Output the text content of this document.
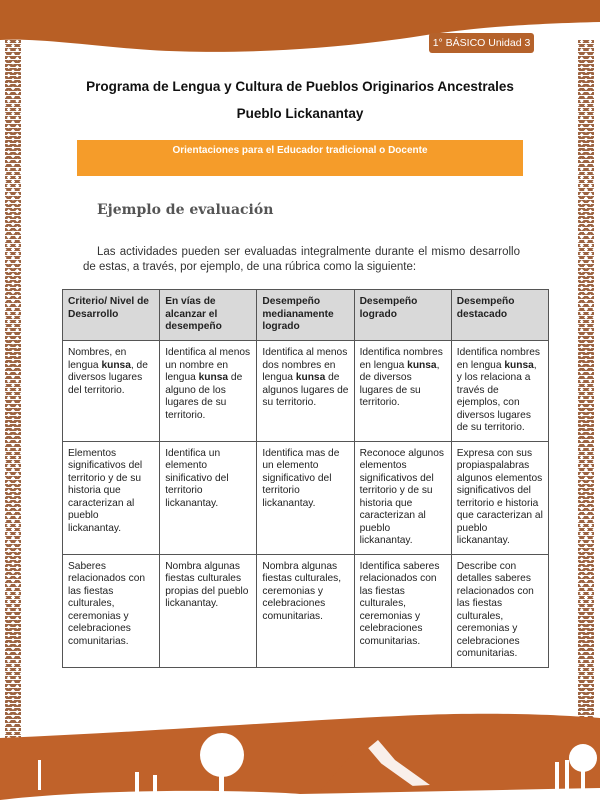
1° BÁSICO Unidad 3
Programa de Lengua y Cultura de Pueblos Originarios Ancestrales
Pueblo Lickanantay
Orientaciones para el Educador tradicional o Docente
Ejemplo de evaluación
Las actividades pueden ser evaluadas integralmente durante el mismo desarrollo de estas, a través, por ejemplo, de una rúbrica como la siguiente:
Criterio/ Nivel de Desarrollo	En vías de alcanzar el desempeño	Desempeño medianamente logrado	Desempeño logrado	Desempeño destacado
Nombres, en lengua kunsa, de diversos lugares del territorio.	Identifica al menos un nombre en lengua kunsa de alguno de los lugares de su territorio.	Identifica al menos dos nombres en lengua kunsa de algunos lugares de su territorio.	Identifica nombres en lengua kunsa, de diversos lugares de su territorio.	Identifica nombres en lengua kunsa, y los relaciona a través de ejemplos, con diversos lugares de su territorio.
Elementos significativos del territorio y de su historia que caracterizan al pueblo lickanantay.	Identifica un elemento sinificativo del territorio lickanantay.	Identifica mas de un elemento significativo del territorio lickanantay.	Reconoce algunos elementos significativos del territorio y de su historia que caracterizan al pueblo lickanantay.	Expresa con sus propiaspalabras algunos elementos significativos del territorio e historia que caracterizan al pueblo lickanantay.
Saberes relacionados con las fiestas culturales, ceremonias y celebraciones comunitarias.	Nombra algunas fiestas culturales propias del pueblo lickanantay.	Nombra algunas fiestas culturales, ceremonias y celebraciones comunitarias.	Identifica saberes relacionados con las fiestas culturales, ceremonias y celebraciones comunitarias.	Describe con detalles saberes relacionados con las fiestas culturales, ceremonias y celebraciones comunitarias.
